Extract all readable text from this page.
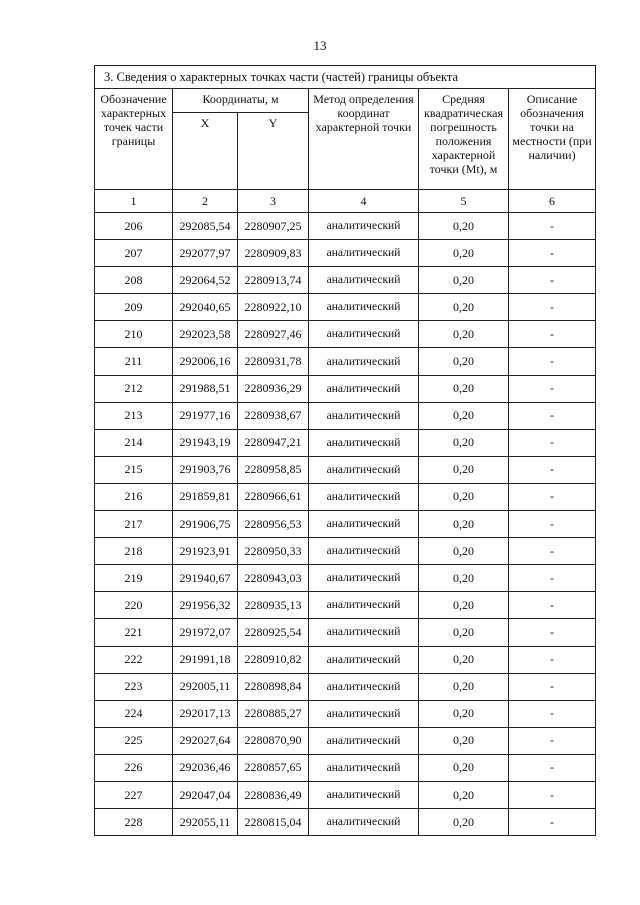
13
3. Сведения о характерных точках части (частей) границы объекта					
Обозначение характерных точек части границы	Координаты, м		Метод определения координат характерной точки	Средняя квадратическая погрешность положения характерной точки (Mt), м	Описание обозначения точки на местности (при наличии)
	X	Y			
1	2	3	4	5	6
206	292085,54	2280907,25	аналитический	0,20	-
207	292077,97	2280909,83	аналитический	0,20	-
208	292064,52	2280913,74	аналитический	0,20	-
209	292040,65	2280922,10	аналитический	0,20	-
210	292023,58	2280927,46	аналитический	0,20	-
211	292006,16	2280931,78	аналитический	0,20	-
212	291988,51	2280936,29	аналитический	0,20	-
213	291977,16	2280938,67	аналитический	0,20	-
214	291943,19	2280947,21	аналитический	0,20	-
215	291903,76	2280958,85	аналитический	0,20	-
216	291859,81	2280966,61	аналитический	0,20	-
217	291906,75	2280956,53	аналитический	0,20	-
218	291923,91	2280950,33	аналитический	0,20	-
219	291940,67	2280943,03	аналитический	0,20	-
220	291956,32	2280935,13	аналитический	0,20	-
221	291972,07	2280925,54	аналитический	0,20	-
222	291991,18	2280910,82	аналитический	0,20	-
223	292005,11	2280898,84	аналитический	0,20	-
224	292017,13	2280885,27	аналитический	0,20	-
225	292027,64	2280870,90	аналитический	0,20	-
226	292036,46	2280857,65	аналитический	0,20	-
227	292047,04	2280836,49	аналитический	0,20	-
228	292055,11	2280815,04	аналитический	0,20	-
